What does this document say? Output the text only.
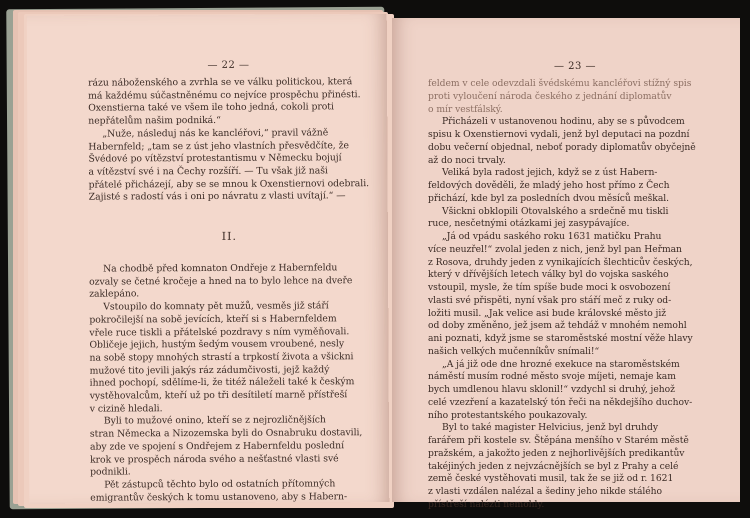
— 22 —
rázu náboženského a zvrhla se ve válku politickou, která
má každému súčastněnému co nejvíce prospěchu přinésti.
Oxenstierna také ve všem ile toho jedná, cokoli proti
nepřátelům našim podniká.“
„Nuže, následuj nás ke kancléřovi,“ pravil vážně
Habernfeld; „tam se z úst jeho vlastních přesvědčíte, že
Švédové po vítězství protestantismu v Německu bojují
a vítězství své i na Čechy rozšíří. — Tu však již naši
přátelé přicházejí, aby se se mnou k Oxenstiernovi odebrali.
Zajisté s radostí vás i oni po návratu z vlasti uvítají.“ —
II.
Na chodbě před komnaton Ondřeje z Habernfeldu
ozvaly se četné kročeje a hned na to bylo lehce na dveře
zaklepáno.
Vstoupilo do komnaty pět mužů, vesměs již stáří
pokročilejší na sobě jevících, kteří si s Habernfeldem
vřele ruce tiskli a přátelské pozdravy s ním vyměňovali.
Obličeje jejich, hustým šedým vousem vroubené, nesly
na sobě stopy mnohých strastí a trpkostí života a všickni
mužové tito jevili jakýs ráz zádumčivosti, jejž každý
ihned pochopí, sdělíme-li, že titéž náleželi také k českým
vystěhovalcům, kteří už po tři desítiletí marně přístřeší
v cizině hledali.
Byli to mužové onino, kteří se z nejrozličnějších
stran Německa a Nizozemska byli do Osnabruku dostavili,
aby zde ve spojení s Ondřejem z Habernfeldu poslední
krok ve prospěch národa svého a nešťastné vlasti své
podnikli.
Pět zástupců těchto bylo od ostatních přítomných
emigrantův českých k tomu ustanoveno, aby s Habern-
— 23 —
feldem v cele odevzdali švédskému kancléřovi stížný spis
proti vyloučení národa českého z jednání diplomatův
o mír vestfálský.
Přicházeli v ustanovenou hodinu, aby se s původcem
spisu k Oxenstiernovi vydali, jenž byl deputaci na pozdní
dobu večerní objednal, neboť porady diplomatův obyčejně
až do noci trvaly.
Veliká byla radost jejich, když se z úst Habern-
feldových dověděli, že mladý jeho host přímo z Čech
přichází, kde byl za posledních dvou měsíců meškal.
Všickni obklopili Otovalského a srdečně mu tiskli
ruce, nesčetnými otázkami jej zasypávajíce.
„Já od vpádu saského roku 1631 matičku Prahu
více neuzřel!“ zvolal jeden z nich, jenž byl pan Heřman
z Rosova, druhdy jeden z vynikajících šlechticův českých,
který v dřívějších letech války byl do vojska saského
vstoupil, mysle, že tím spíše bude moci k osvobození
vlasti své přispěti, nyní však pro stáří meč z ruky od-
ložiti musil. „Jak velice asi bude královské město již
od doby změněno, jež jsem až tehdáž v mnohém nemohl
ani poznati, když jsme se staroměstské mostní věže hlavy
našich velkých mučenníkův snímali!“
„A já již ode dne hrozné exekuce na staroměstském
náměstí musím rodné město svoje míjeti, nemaje kam
bych umdlenou hlavu sklonil!“ vzdychl si druhý, jehož
celé vzezření a kazatelský tón řeči na někdejšího duchov-
ního protestantského poukazovaly.
Byl to také magister Helvicius, jenž byl druhdy
farářem při kostele sv. Štěpána menšího v Starém městě
pražském, a jakožto jeden z nejhorlivějších predikantův
takéjiných jeden z nejvzácnějších se byl z Prahy a celé
země české vystěhovati musil, tak že se již od r. 1621
z vlasti vzdálen nalézal a šediny jeho nikde stálého
přístřeší nalézti nemohly.
